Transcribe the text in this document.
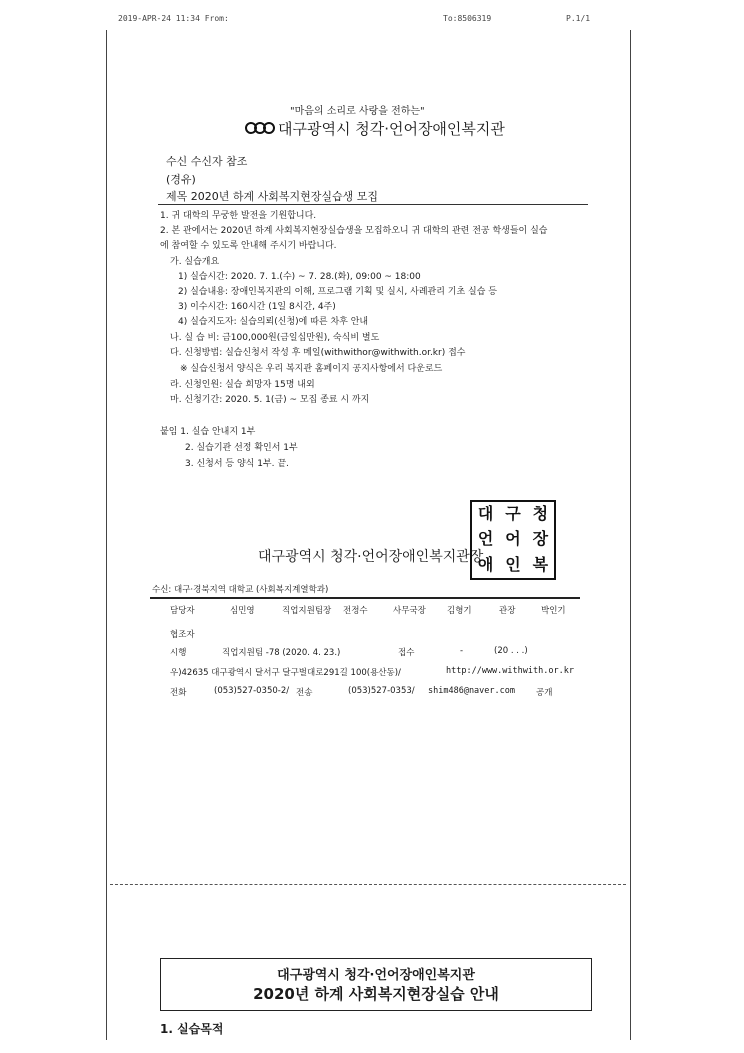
2019-APR-24 11:34 From:	To:8506319	P.1/1
"마음의 소리로 사랑을 전하는"
대구광역시 청각·언어장애인복지관
수신 수신자 참조
(경유)
제목 2020년 하계 사회복지현장실습생 모집
1. 귀 대학의 무궁한 발전을 기원합니다.
2. 본 관에서는 2020년 하계 사회복지현장실습생을 모집하오니 귀 대학의 관련 전공 학생들이 실습
에 참여할 수 있도록 안내해 주시기 바랍니다.
가. 실습개요
1) 실습시간: 2020. 7. 1.(수) ~ 7. 28.(화), 09:00 ~ 18:00
2) 실습내용: 장애인복지관의 이해, 프로그램 기획 및 실시, 사례관리 기초 실습 등
3) 이수시간: 160시간 (1일 8시간, 4주)
4) 실습지도자: 실습의뢰(신청)에 따른 차후 안내
나. 실 습 비: 금100,000원(금일십만원), 숙식비 별도
다. 신청방법: 실습신청서 작성 후 메일(withwithor@withwith.or.kr) 접수
※ 실습신청서 양식은 우리 복지관 홈페이지 공지사항에서 다운로드
라. 신청인원: 실습 희망자 15명 내외
마. 신청기간: 2020. 5. 1(금) ~ 모집 종료 시 까지
붙임 1. 실습 안내지 1부
2. 실습기관 선정 확인서 1부
3. 신청서 등 양식 1부. 끝.
대구광역시 청각·언어장애인복지관장
대 구 청
언 어 장
애 인 복
수신: 대구·경북지역 대학교 (사회복지계열학과)
담당자	심민영	직업지원팀장 전정수	사무국장 김형기	관장	박인기
협조자
시행	직업지원팀 -78 (2020. 4. 23.)	접수	-	(20 . . .)
우)42635 대구광역시 달서구 달구벌대로291길 100(용산동)/	http://www.withwith.or.kr
전화	(053)527-0350-2/ 전송	(053)527-0353/ shim486@naver.com 공개
대구광역시 청각·언어장애인복지관
2020년 하계 사회복지현장실습 안내
1. 실습목적
